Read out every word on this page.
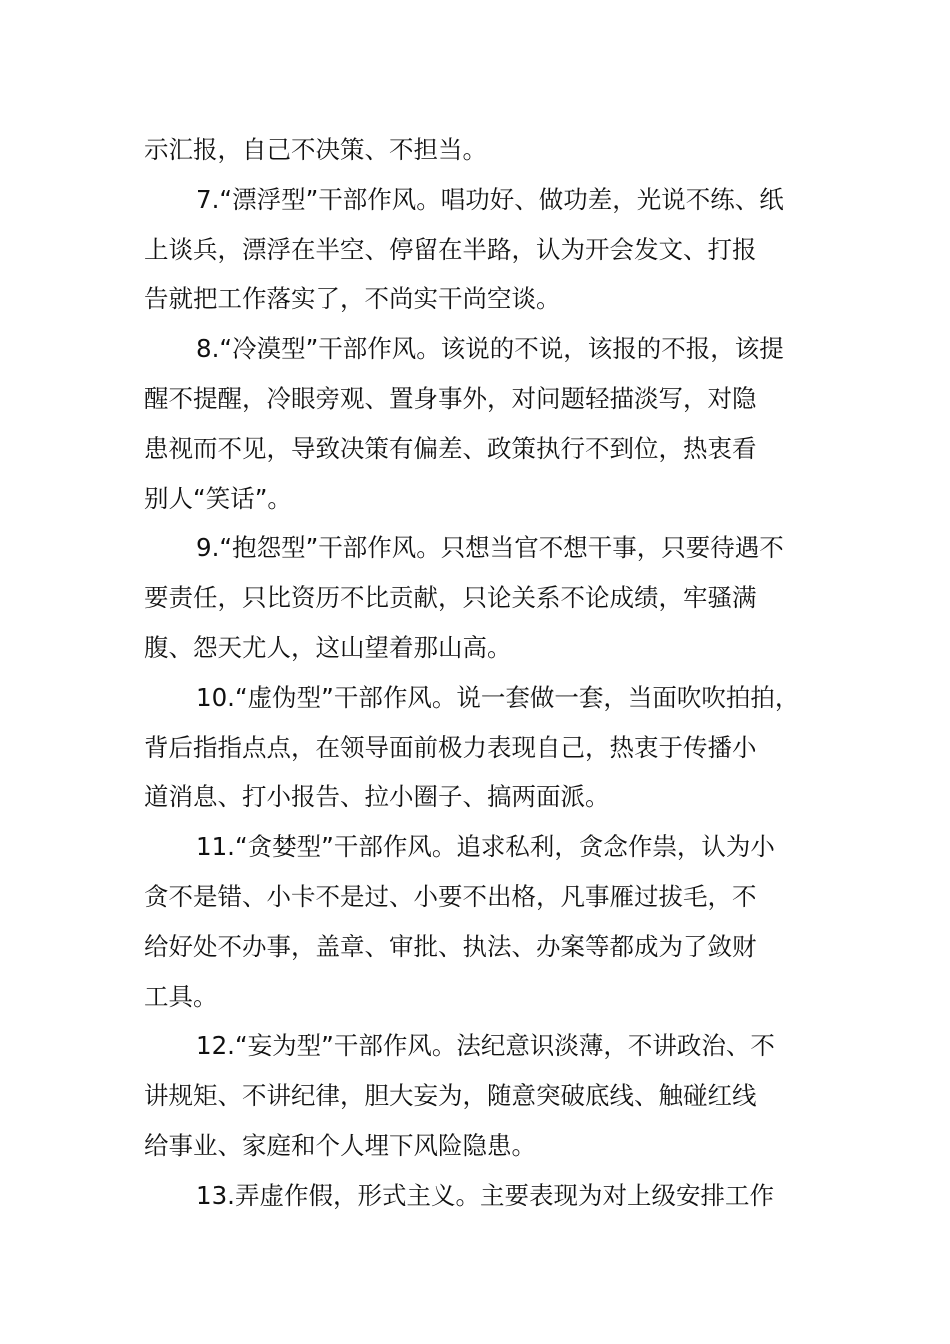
示汇报，自己不决策、不担当。

7.“漂浮型”干部作风。唱功好、做功差，光说不练、纸
上谈兵，漂浮在半空、停留在半路，认为开会发文、打报
告就把工作落实了，不尚实干尚空谈。

8.“冷漠型”干部作风。该说的不说，该报的不报，该提
醒不提醒，冷眼旁观、置身事外，对问题轻描淡写，对隐
患视而不见，导致决策有偏差、政策执行不到位，热衷看
别人“笑话”。

9.“抱怨型”干部作风。只想当官不想干事，只要待遇不
要责任，只比资历不比贡献，只论关系不论成绩，牢骚满
腹、怨天尤人，这山望着那山高。

10.“虚伪型”干部作风。说一套做一套，当面吹吹拍拍，
背后指指点点，在领导面前极力表现自己，热衷于传播小
道消息、打小报告、拉小圈子、搞两面派。

11.“贪婪型”干部作风。追求私利，贪念作祟，认为小
贪不是错、小卡不是过、小要不出格，凡事雁过拔毛，不
给好处不办事，盖章、审批、执法、办案等都成为了敛财
工具。

12.“妄为型”干部作风。法纪意识淡薄，不讲政治、不
讲规矩、不讲纪律，胆大妄为，随意突破底线、触碰红线
给事业、家庭和个人埋下风险隐患。

13.弄虚作假，形式主义。主要表现为对上级安排工作
